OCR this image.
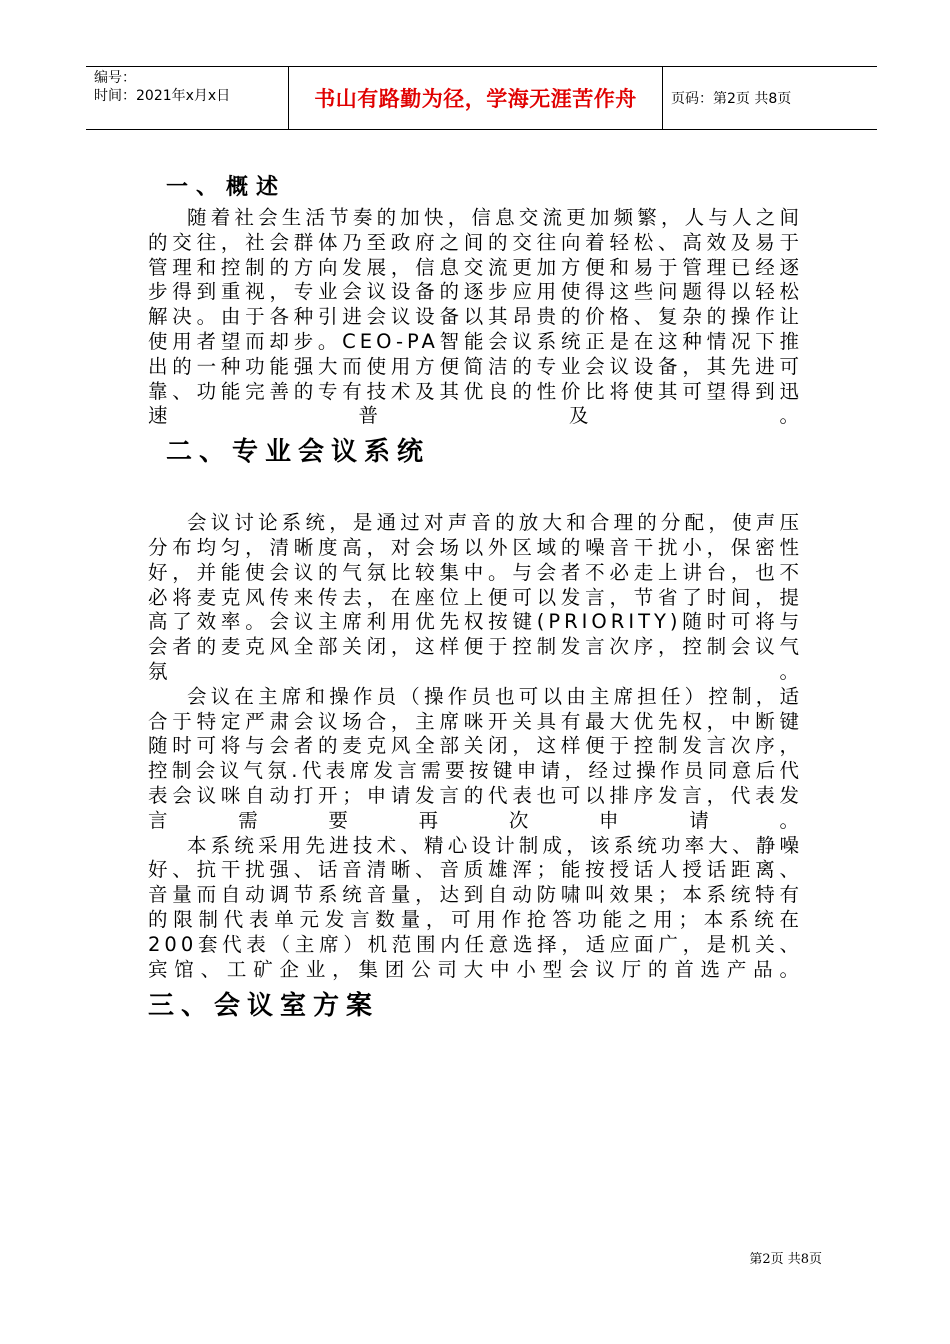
编号：
时间：2021年x月x日	书山有路勤为径，学海无涯苦作舟	页码：第2页 共8页
一、概述

随着社会生活节奏的加快，信息交流更加频繁，人与人之间的交往，社会群体乃至政府之间的交往向着轻松、高效及易于管理和控制的方向发展，信息交流更加方便和易于管理已经逐步得到重视，专业会议设备的逐步应用使得这些问题得以轻松解决。由于各种引进会议设备以其昂贵的价格、复杂的操作让使用者望而却步。CEO-PA智能会议系统正是在这种情况下推出的一种功能强大而使用方便简洁的专业会议设备，其先进可靠、功能完善的专有技术及其优良的性价比将使其可望得到迅速普及。

二、专业会议系统

会议讨论系统，是通过对声音的放大和合理的分配，使声压分布均匀，清晰度高，对会场以外区域的噪音干扰小，保密性好，并能使会议的气氛比较集中。与会者不必走上讲台，也不必将麦克风传来传去，在座位上便可以发言，节省了时间，提高了效率。会议主席利用优先权按键(PRIORITY)随时可将与会者的麦克风全部关闭，这样便于控制发言次序，控制会议气氛。

会议在主席和操作员（操作员也可以由主席担任）控制，适合于特定严肃会议场合，主席咪开关具有最大优先权，中断键随时可将与会者的麦克风全部关闭，这样便于控制发言次序，控制会议气氛.代表席发言需要按键申请，经过操作员同意后代表会议咪自动打开；申请发言的代表也可以排序发言，代表发言需要再次申请。

本系统采用先进技术、精心设计制成，该系统功率大、静噪好、抗干扰强、话音清晰、音质雄浑；能按授话人授话距离、音量而自动调节系统音量，达到自动防啸叫效果；本系统特有的限制代表单元发言数量，可用作抢答功能之用；本系统在200套代表（主席）机范围内任意选择，适应面广，是机关、宾馆、工矿企业，集团公司大中小型会议厅的首选产品。

三、会议室方案
第2页 共8页
